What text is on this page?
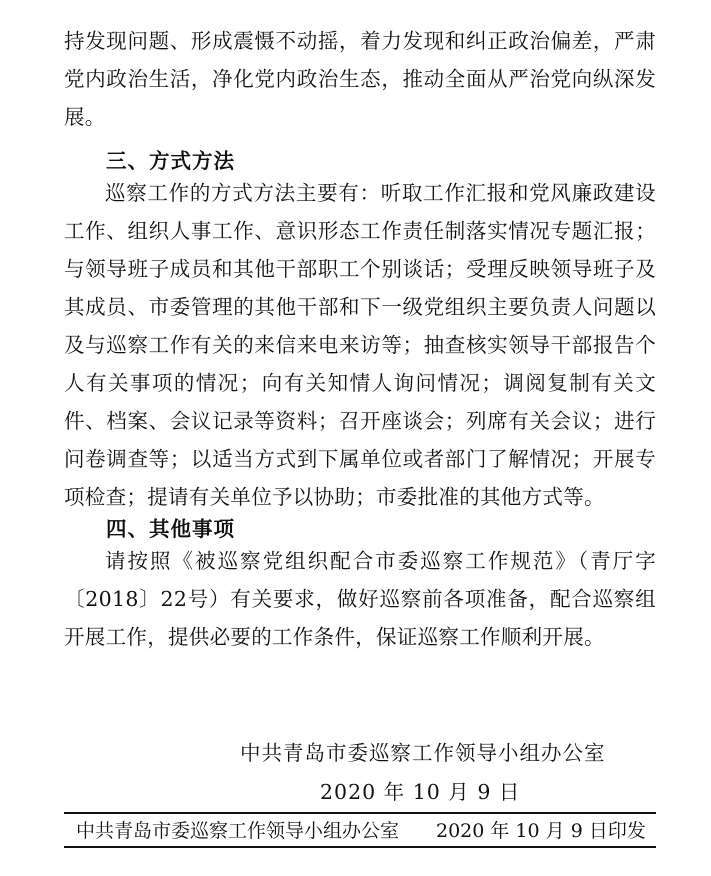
持发现问题、形成震慑不动摇，着力发现和纠正政治偏差，严肃党内政治生活，净化党内政治生态，推动全面从严治党向纵深发展。
三、方式方法
巡察工作的方式方法主要有：听取工作汇报和党风廉政建设工作、组织人事工作、意识形态工作责任制落实情况专题汇报；与领导班子成员和其他干部职工个别谈话；受理反映领导班子及其成员、市委管理的其他干部和下一级党组织主要负责人问题以及与巡察工作有关的来信来电来访等；抽查核实领导干部报告个人有关事项的情况；向有关知情人询问情况；调阅复制有关文件、档案、会议记录等资料；召开座谈会；列席有关会议；进行问卷调查等；以适当方式到下属单位或者部门了解情况；开展专项检查；提请有关单位予以协助；市委批准的其他方式等。
四、其他事项
请按照《被巡察党组织配合市委巡察工作规范》（青厅字〔2018〕22号）有关要求，做好巡察前各项准备，配合巡察组开展工作，提供必要的工作条件，保证巡察工作顺利开展。
中共青岛市委巡察工作领导小组办公室
2020 年 10 月 9 日
中共青岛市委巡察工作领导小组办公室 2020 年 10 月 9 日印发
